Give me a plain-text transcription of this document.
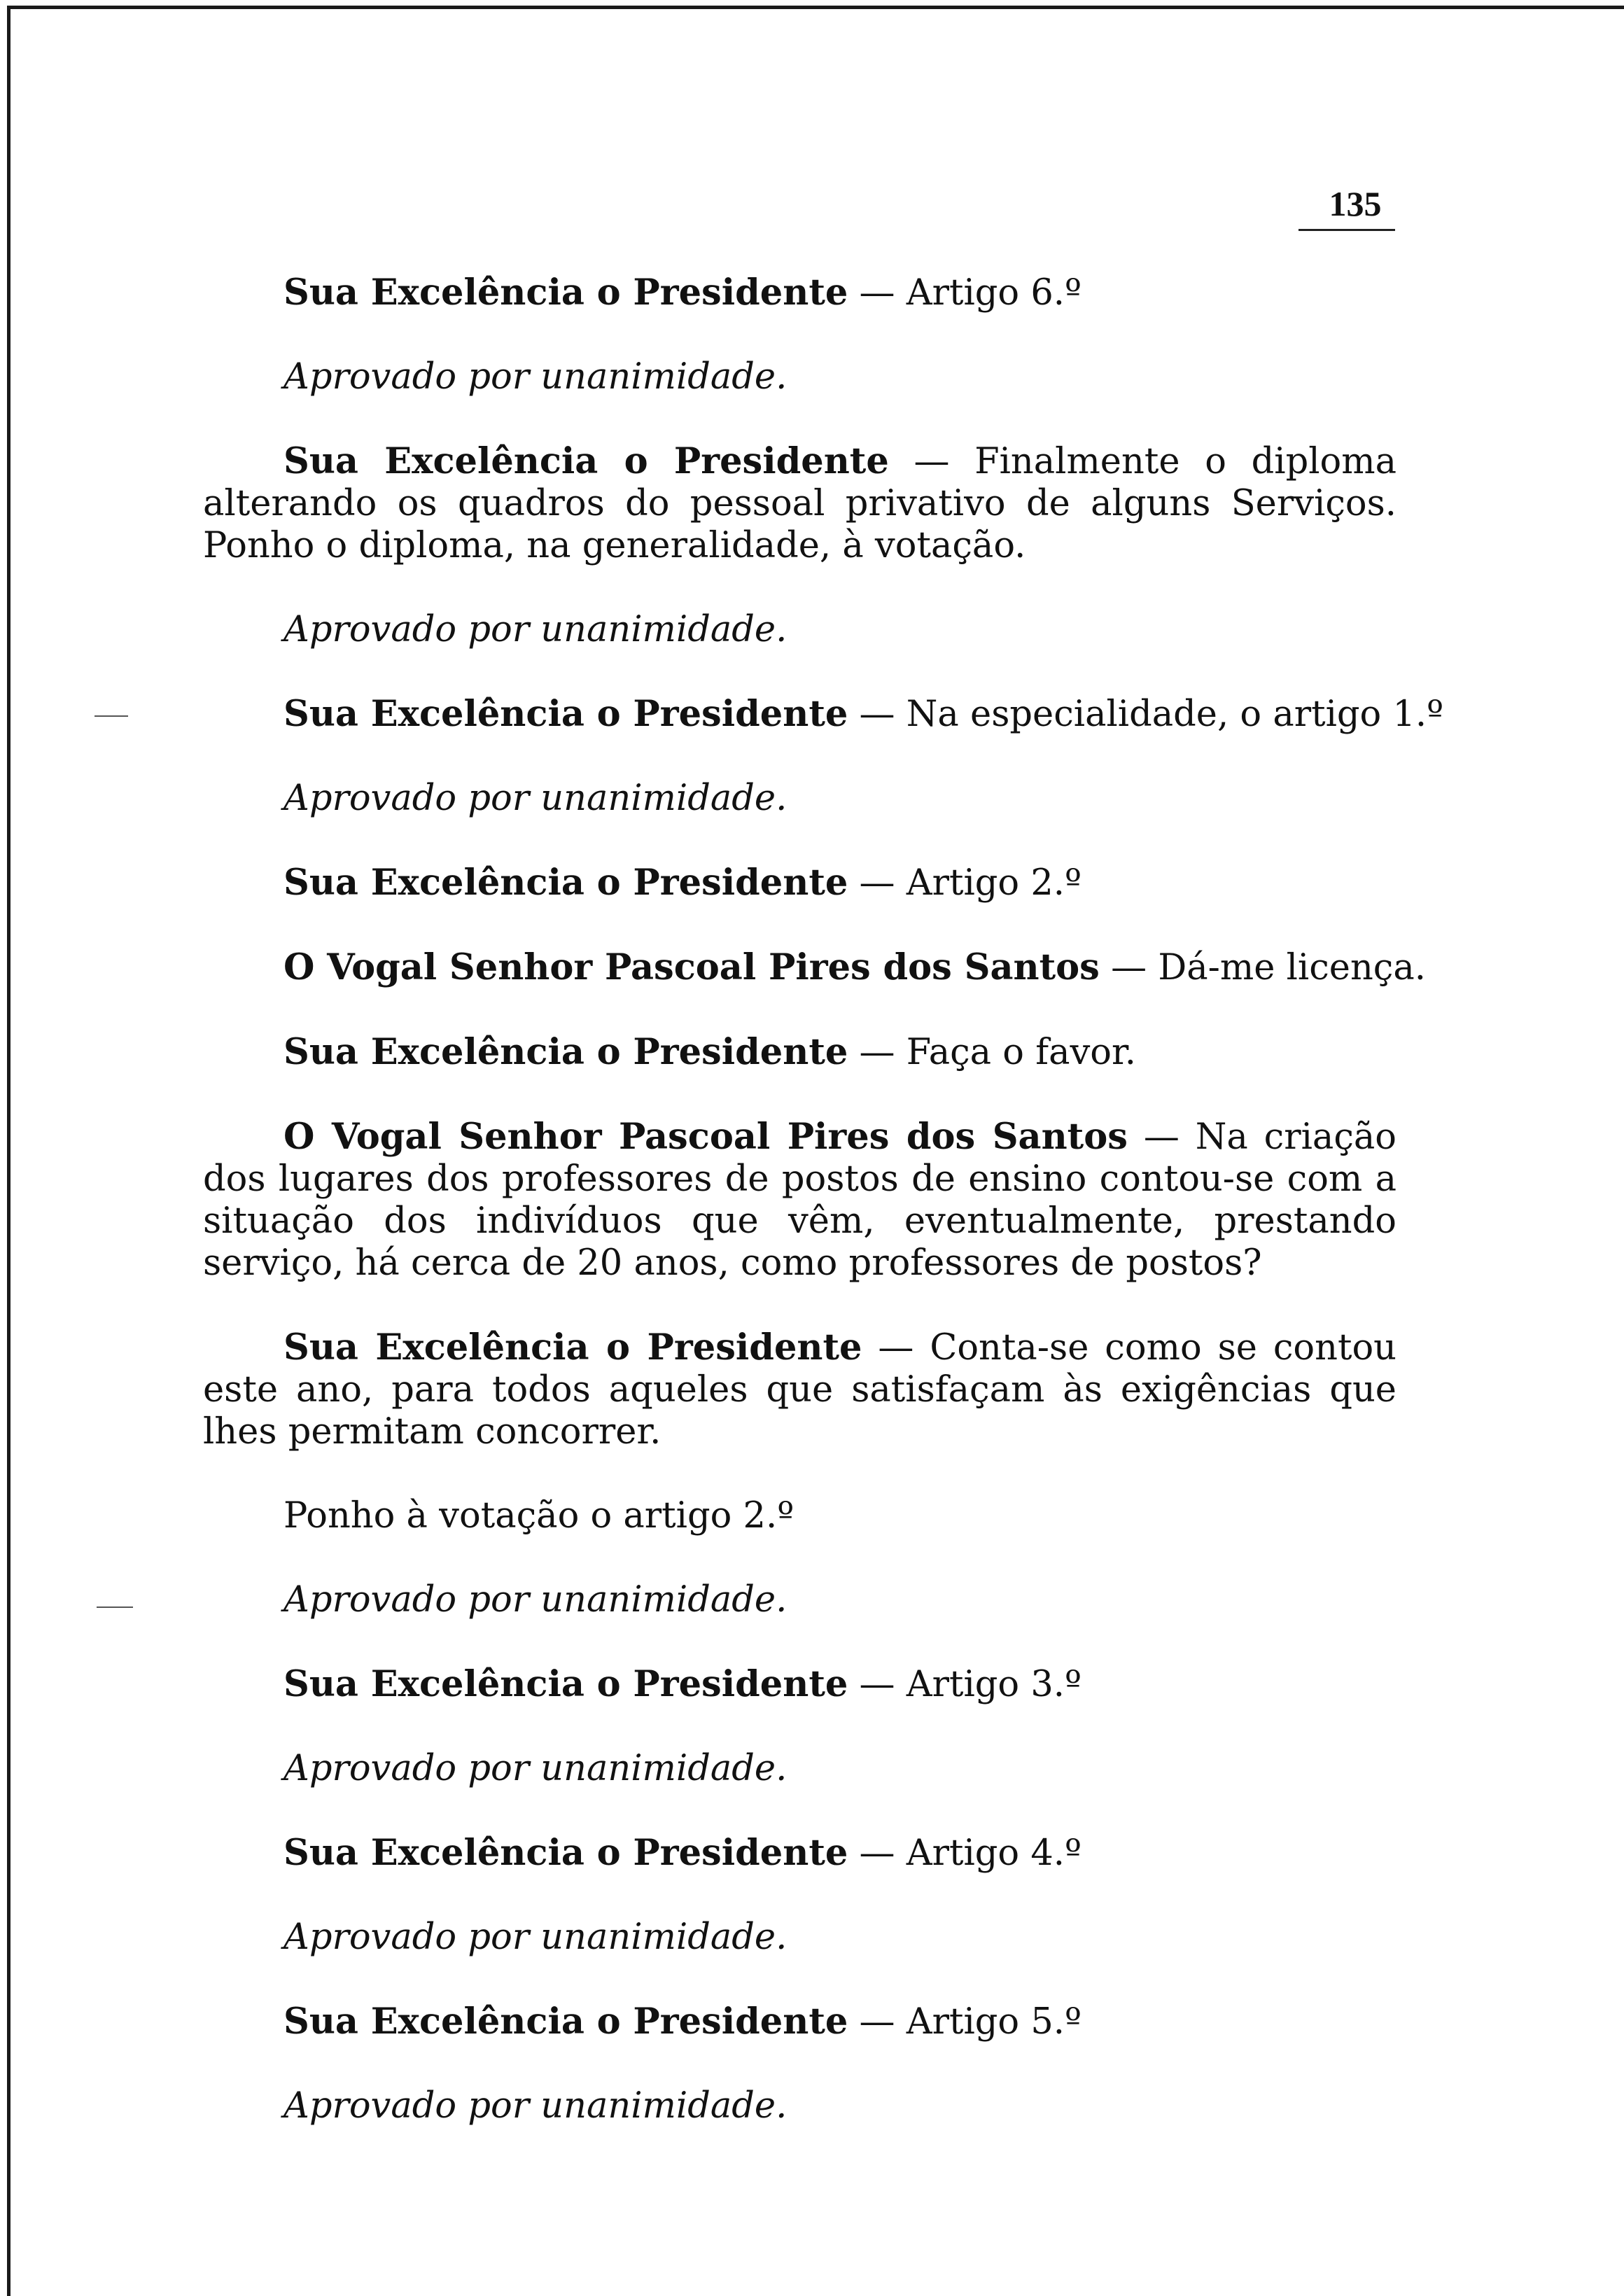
135

Sua Excelência o Presidente — Artigo 6.º

Aprovado por unanimidade.

Sua Excelência o Presidente — Finalmente o diploma alterando os quadros do pessoal privativo de alguns Serviços. Ponho o diploma, na generalidade, à votação.

Aprovado por unanimidade.

Sua Excelência o Presidente — Na especialidade, o artigo 1.º

Aprovado por unanimidade.

Sua Excelência o Presidente — Artigo 2.º

O Vogal Senhor Pascoal Pires dos Santos — Dá-me licença.

Sua Excelência o Presidente — Faça o favor.

O Vogal Senhor Pascoal Pires dos Santos — Na criação dos lugares dos professores de postos de ensino contou-se com a situação dos indivíduos que vêm, eventualmente, prestando serviço, há cerca de 20 anos, como professores de postos?

Sua Excelência o Presidente — Conta-se como se contou este ano, para todos aqueles que satisfaçam às exigências que lhes permitam concorrer.

Ponho à votação o artigo 2.º

Aprovado por unanimidade.

Sua Excelência o Presidente — Artigo 3.º

Aprovado por unanimidade.

Sua Excelência o Presidente — Artigo 4.º

Aprovado por unanimidade.

Sua Excelência o Presidente — Artigo 5.º

Aprovado por unanimidade.
